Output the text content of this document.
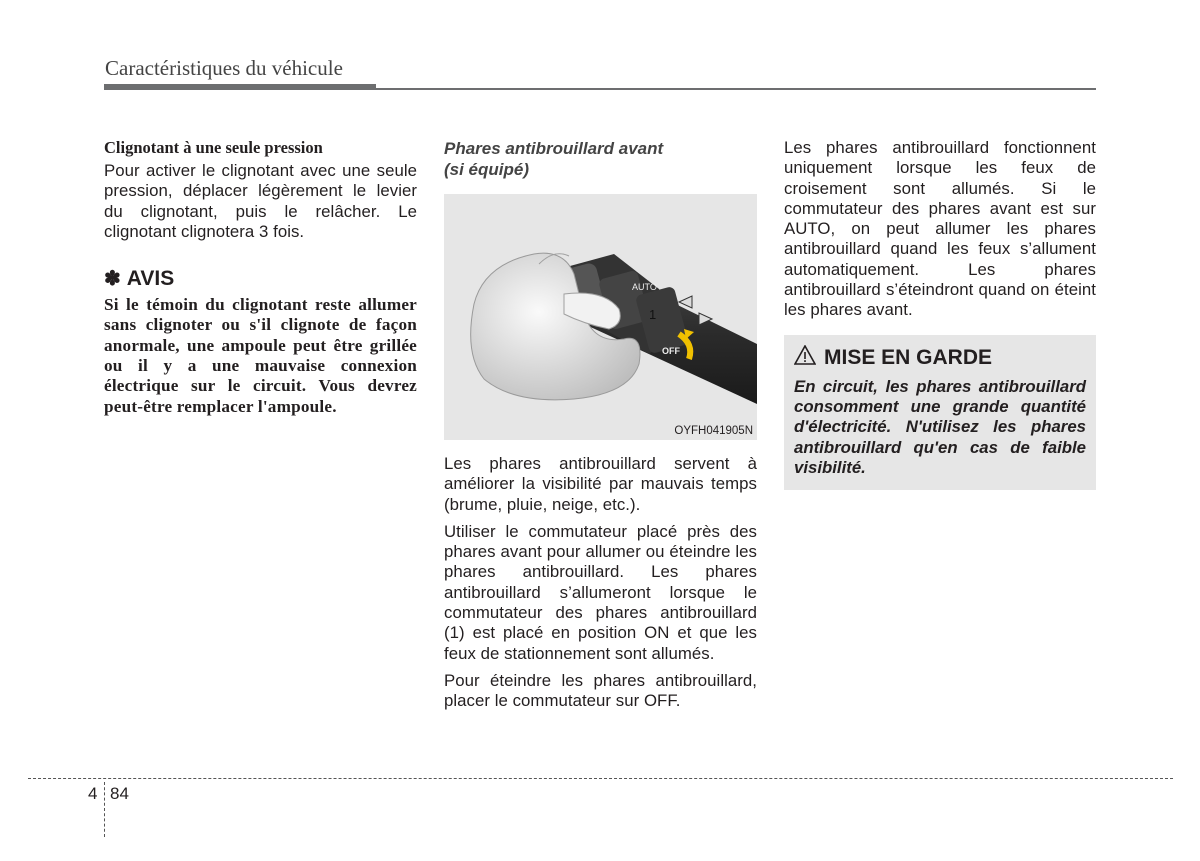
Caractéristiques du véhicule
Clignotant à une seule pression

Pour activer le clignotant avec une seule pression, déplacer légèrement le levier du clignotant, puis le relâcher. Le clignotant clignotera 3 fois.

✽ AVIS
Si le témoin du clignotant reste allumer sans clignoter ou s'il clignote de façon anormale, une ampoule peut être grillée ou il y a une mauvaise connexion électrique sur le circuit. Vous devrez peut-être remplacer l'ampoule.
Phares antibrouillard avant
(si équipé)
AUTO
1
OFF
OYFH041905N

Les phares antibrouillard servent à améliorer la visibilité par mauvais temps (brume, pluie, neige, etc.).

Utiliser le commutateur placé près des phares avant pour allumer ou éteindre les phares antibrouillard. Les phares antibrouillard s’allumeront lorsque le commutateur des phares antibrouillard (1) est placé en position ON et que les feux de stationnement sont allumés.

Pour éteindre les phares antibrouillard, placer le commutateur sur OFF.

Les phares antibrouillard fonctionnent uniquement lorsque les feux de croisement sont allumés. Si le commutateur des phares avant est sur AUTO, on peut allumer les phares antibrouillard quand les feux s’allument automatiquement. Les phares antibrouillard s’éteindront quand on éteint les phares avant.

MISE EN GARDE
En circuit, les phares antibrouillard consomment une grande quantité d'électricité. N'utilisez les phares antibrouillard qu'en cas de faible visibilité.
4 84
